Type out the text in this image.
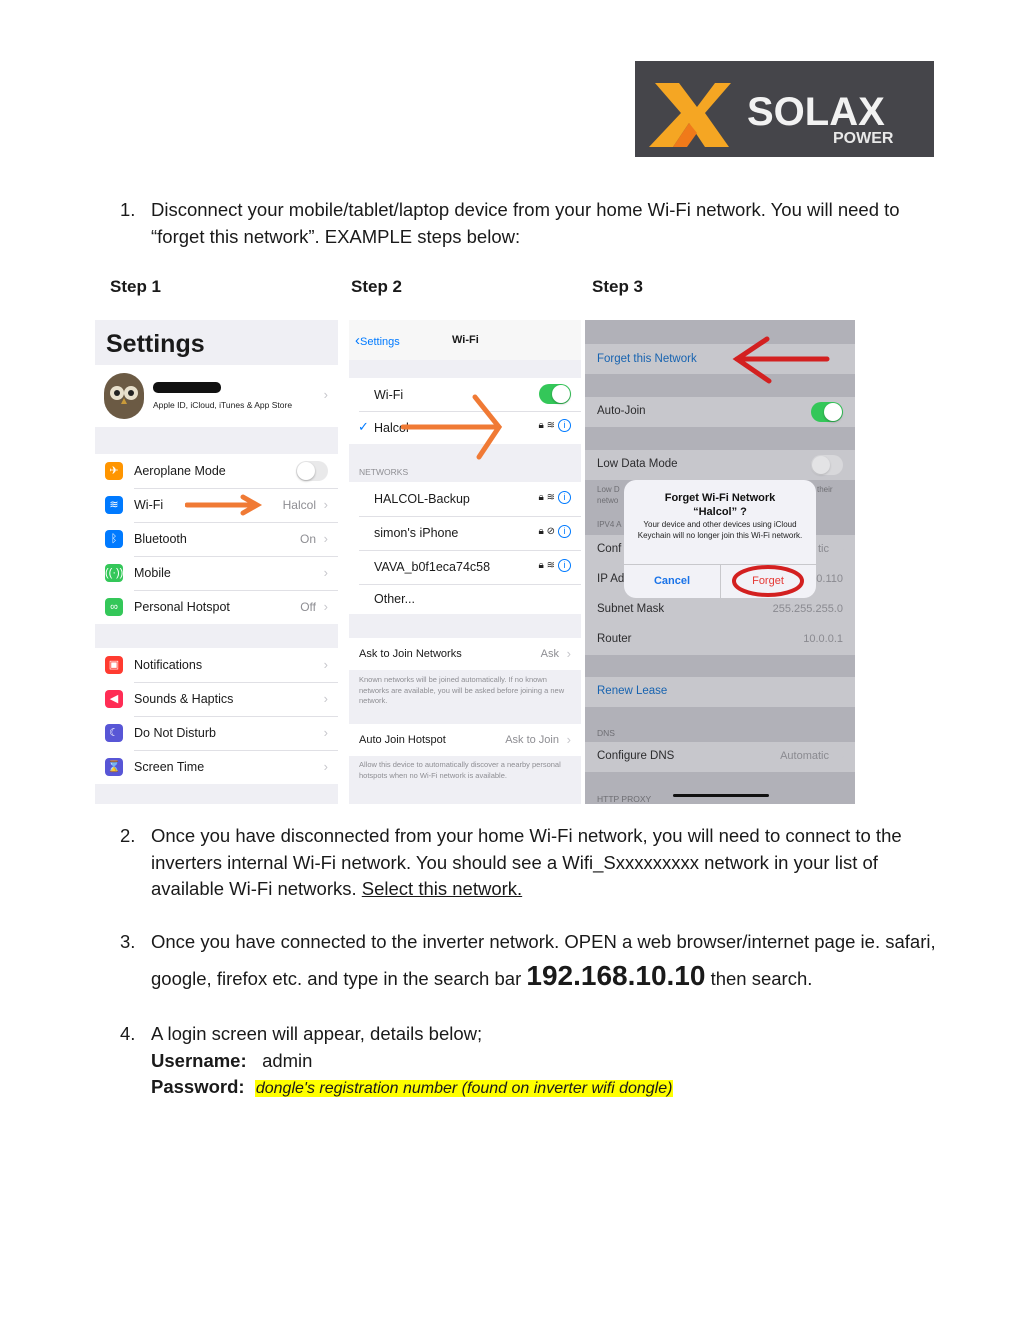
SOLAX
POWER
1. Disconnect your mobile/tablet/laptop device from your home Wi-Fi network. You will need to “forget this network”. EXAMPLE steps below:
Step 1	Step 2	Step 3
Settings
Apple ID, iCloud, iTunes & App Store
›
✈	Aeroplane Mode
≋	Wi-Fi	Halcol ›
ᛒ	Bluetooth	On ›
((·)) Mobile	›
∞	Personal Hotspot	Off ›
▣	Notifications	›
◀	Sounds & Haptics	›
☾	Do Not Disturb	›
⌛ Screen Time	›
‹Settings	Wi-Fi
Wi-Fi
✓ Halcol	🔒︎ ≋ i
NETWORKS
HALCOL-Backup	🔒︎ ≋ i
simon's iPhone	🔒︎ ⊘ i
VAVA_b0f1eca74c58	🔒︎ ≋ i
Other...
Ask to Join Networks	Ask ›
Known networks will be joined automatically. If no known networks are available, you will be asked before joining a new network.
Auto Join Hotspot	Ask to Join ›
Allow this device to automatically discover a nearby personal hotspots when no Wi-Fi network is available.
Forget this Network
Auto-Join
Low Data Mode
Low D
netwo
their
IPV4 A
Conf	tic ›
IP Ad	0.110
Subnet Mask	255.255.255.0
Router	10.0.0.1
Renew Lease
DNS
Configure DNS	Automatic ›
HTTP PROXY
Forget Wi-Fi Network
“Halcol” ?
Your device and other devices using iCloud Keychain will no longer join this Wi-Fi network.
Cancel	Forget
2. Once you have disconnected from your home Wi-Fi network, you will need to connect to the inverters internal Wi-Fi network. You should see a Wifi_Sxxxxxxxxx network in your list of available Wi-Fi networks. Select this network.
3. Once you have connected to the inverter network. OPEN a web browser/internet page ie. safari, google, firefox etc. and type in the search bar 192.168.10.10 then search.
4. A login screen will appear, details below;
Username: admin
Password: dongle's registration number (found on inverter wifi dongle)
